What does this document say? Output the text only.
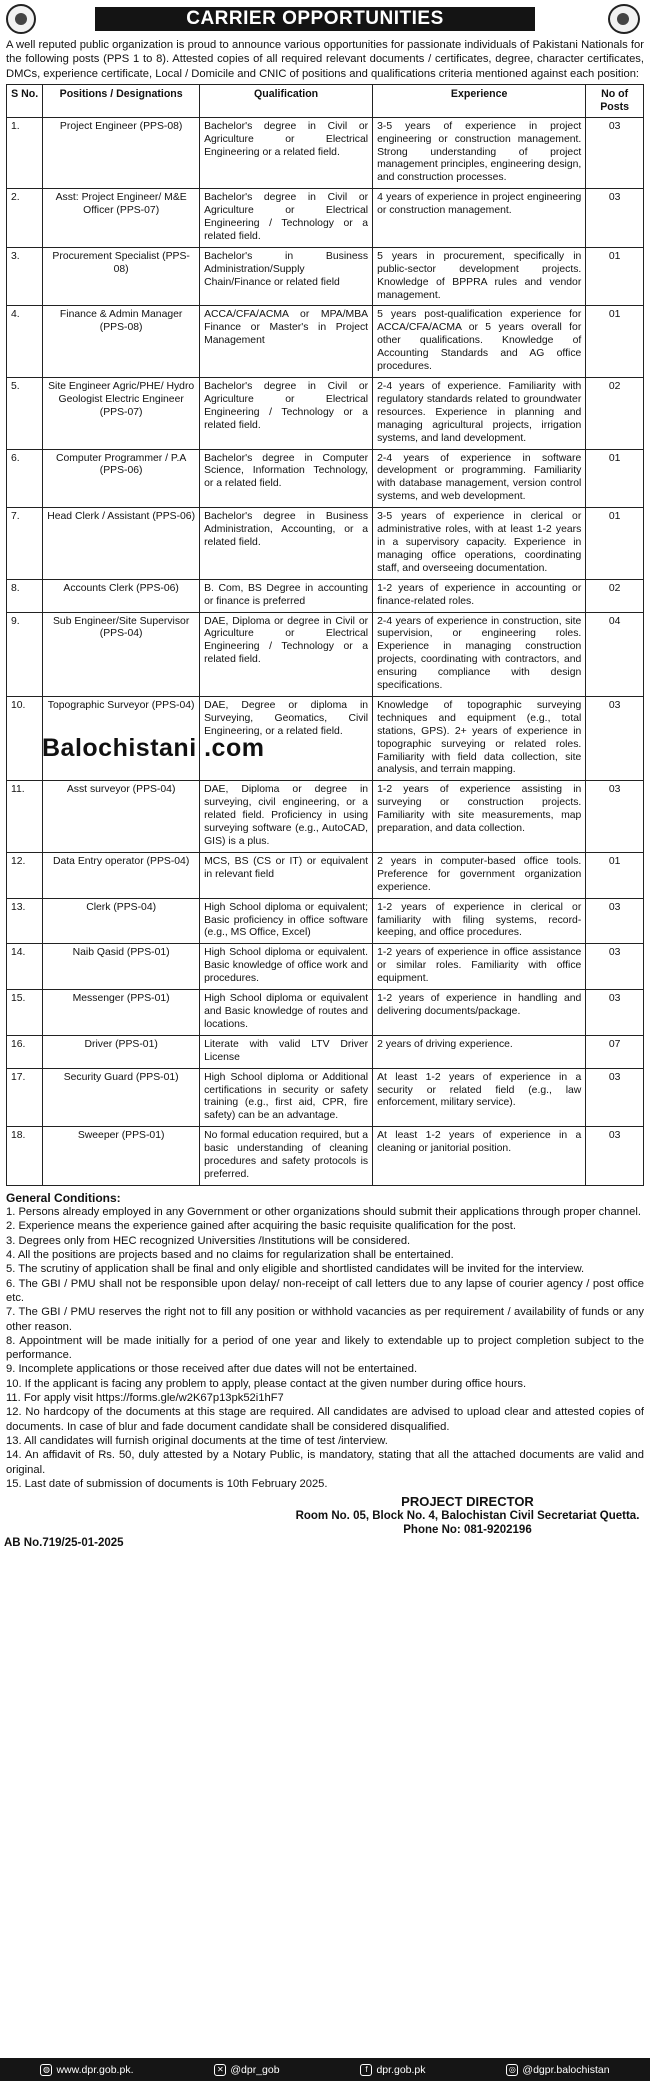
CARRIER OPPORTUNITIES
A well reputed public organization is proud to announce various opportunities for passionate individuals of Pakistani Nationals for the following posts (PPS 1 to 8). Attested copies of all required relevant documents / certificates, degree, character certificates, DMCs, experience certificate, Local / Domicile and CNIC of positions and qualifications criteria mentioned against each position:
S No.	Positions / Designations	Qualification	Experience	No of Posts
1.	Project Engineer (PPS-08)	Bachelor's degree in Civil or Agriculture or Electrical Engineering or a related field.	3-5 years of experience in project engineering or construction management. Strong understanding of project management principles, engineering design, and construction processes.	03
2.	Asst: Project Engineer/ M&E Officer (PPS-07)	Bachelor's degree in Civil or Agriculture or Electrical Engineering / Technology or a related field.	4 years of experience in project engineering or construction management.	03
3.	Procurement Specialist (PPS-08)	Bachelor's in Business Administration/Supply Chain/Finance or related field	5 years in procurement, specifically in public-sector development projects. Knowledge of BPPRA rules and vendor management.	01
4.	Finance & Admin Manager (PPS-08)	ACCA/CFA/ACMA or MPA/MBA Finance or Master's in Project Management	5 years post-qualification experience for ACCA/CFA/ACMA or 5 years overall for other qualifications. Knowledge of Accounting Standards and AG office procedures.	01
5.	Site Engineer Agric/PHE/ Hydro Geologist Electric Engineer (PPS-07)	Bachelor's degree in Civil or Agriculture or Electrical Engineering / Technology or a related field.	2-4 years of experience. Familiarity with regulatory standards related to groundwater resources. Experience in planning and managing agricultural projects, irrigation systems, and land development.	02
6.	Computer Programmer / P.A (PPS-06)	Bachelor's degree in Computer Science, Information Technology, or a related field.	2-4 years of experience in software development or programming. Familiarity with database management, version control systems, and web development.	01
7.	Head Clerk / Assistant (PPS-06)	Bachelor's degree in Business Administration, Accounting, or a related field.	3-5 years of experience in clerical or administrative roles, with at least 1-2 years in a supervisory capacity. Experience in managing office operations, coordinating staff, and overseeing documentation.	01
8.	Accounts Clerk (PPS-06)	B. Com, BS Degree in accounting or finance is preferred	1-2 years of experience in accounting or finance-related roles.	02
9.	Sub Engineer/Site Supervisor (PPS-04)	DAE, Diploma or degree in Civil or Agriculture or Electrical Engineering / Technology or a related field.	2-4 years of experience in construction, site supervision, or engineering roles. Experience in managing construction projects, coordinating with contractors, and ensuring compliance with design specifications.	04
10.	Topographic Surveyor (PPS-04)	DAE, Degree or diploma in Surveying, Geomatics, Civil Engineering, or a related field.	Knowledge of topographic surveying techniques and equipment (e.g., total stations, GPS). 2+ years of experience in topographic surveying or related roles. Familiarity with field data collection, site analysis, and terrain mapping.	03
11.	Asst surveyor (PPS-04)	DAE, Diploma or degree in surveying, civil engineering, or a related field. Proficiency in using surveying software (e.g., AutoCAD, GIS) is a plus.	1-2 years of experience assisting in surveying or construction projects. Familiarity with site measurements, map preparation, and data collection.	03
12.	Data Entry operator (PPS-04)	MCS, BS (CS or IT) or equivalent in relevant field	2 years in computer-based office tools. Preference for government organization experience.	01
13.	Clerk (PPS-04)	High School diploma or equivalent; Basic proficiency in office software (e.g., MS Office, Excel)	1-2 years of experience in clerical or familiarity with filing systems, record-keeping, and office procedures.	03
14.	Naib Qasid (PPS-01)	High School diploma or equivalent. Basic knowledge of office work and procedures.	1-2 years of experience in office assistance or similar roles. Familiarity with office equipment.	03
15.	Messenger (PPS-01)	High School diploma or equivalent and Basic knowledge of routes and locations.	1-2 years of experience in handling and delivering documents/package.	03
16.	Driver (PPS-01)	Literate with valid LTV Driver License	2 years of driving experience.	07
17.	Security Guard (PPS-01)	High School diploma or Additional certifications in security or safety training (e.g., first aid, CPR, fire safety) can be an advantage.	At least 1-2 years of experience in a security or related field (e.g., law enforcement, military service).	03
18.	Sweeper (PPS-01)	No formal education required, but a basic understanding of cleaning procedures and safety protocols is preferred.	At least 1-2 years of experience in a cleaning or janitorial position.	03
Balochistani .com
General Conditions:

1. Persons already employed in any Government or other organizations should submit their applications through proper channel.

2. Experience means the experience gained after acquiring the basic requisite qualification for the post.

3. Degrees only from HEC recognized Universities /Institutions will be considered.

4. All the positions are projects based and no claims for regularization shall be entertained.

5. The scrutiny of application shall be final and only eligible and shortlisted candidates will be invited for the interview.

6. The GBI / PMU shall not be responsible upon delay/ non-receipt of call letters due to any lapse of courier agency / post office etc.

7. The GBI / PMU reserves the right not to fill any position or withhold vacancies as per requirement / availability of funds or any other reason.

8. Appointment will be made initially for a period of one year and likely to extendable up to project completion subject to the performance.

9. Incomplete applications or those received after due dates will not be entertained.

10. If the applicant is facing any problem to apply, please contact at the given number during office hours.

11. For apply visit https://forms.gle/w2K67p13pk52i1hF7

12. No hardcopy of the documents at this stage are required. All candidates are advised to upload clear and attested copies of documents. In case of blur and fade document candidate shall be considered disqualified.

13. All candidates will furnish original documents at the time of test /interview.

14. An affidavit of Rs. 50, duly attested by a Notary Public, is mandatory, stating that all the attached documents are valid and original.

15. Last date of submission of documents is 10th February 2025.

PROJECT DIRECTOR
Room No. 05, Block No. 4, Balochistan Civil Secretariat Quetta.
Phone No: 081-9202196
AB No.719/25-01-2025
◍ www.dpr.gob.pk.	✕ @dpr_gob	f dpr.gob.pk	◎ @dgpr.balochistan
